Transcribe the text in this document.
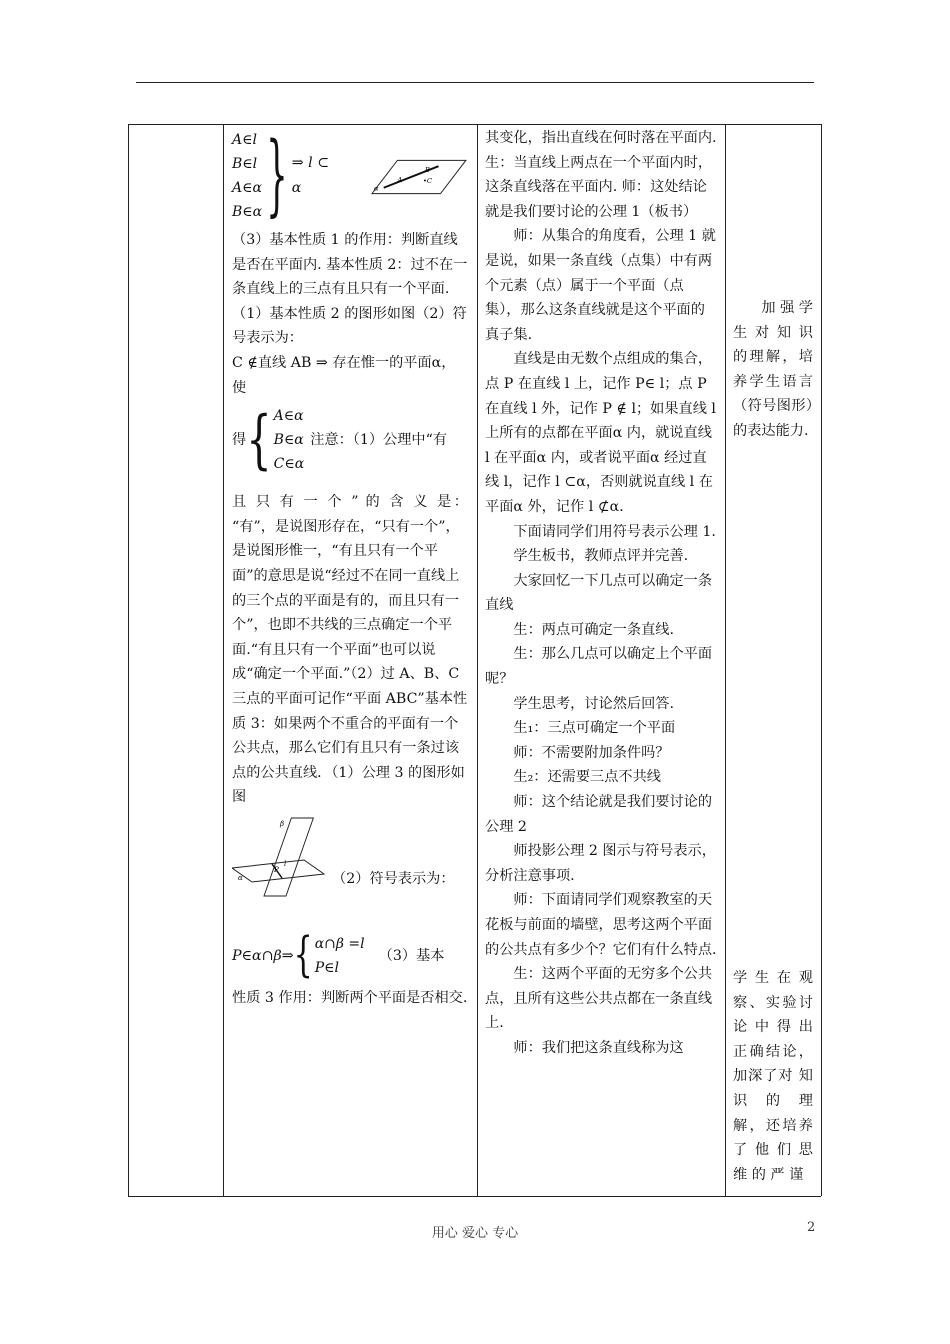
A∈l
B∈l
A∈α
B∈α } ⇒ l ⊂ α	α
A
B
•C

（3）基本性质 1 的作用：判断直线是否在平面内. 基本性质 2：过不在一条直线上的三点有且只有一个平面.（1）基本性质 2 的图形如图（2）符号表示为：

C ∉直线 AB ⇒ 存在惟一的平面α，使

得 { A∈α
B∈α
C∈α
注意：（1）公理中“有

且 只 有 一 个 ” 的 含 义 是：

“有”，是说图形存在，“只有一个”，是说图形惟一，“有且只有一个平面”的意思是说“经过不在同一直线上的三个点的平面是有的，而且只有一个”，也即不共线的三点确定一个平面.“有且只有一个平面”也可以说成“确定一个平面.”（2）过 A、B、C 三点的平面可记作“平面 ABC”基本性质 3：如果两个不重合的平面有一个公共点，那么它们有且只有一条过该点的公共直线．（1）公理 3 的图形如图

β
α
P
l
（2）符号表示为：
P∈α∩β⇒ { α∩β =l
P∈l
（3）基本

性质 3 作用：判断两个平面是否相交.

其变化，指出直线在何时落在平面内. 生：当直线上两点在一个平面内时，这条直线落在平面内. 师：这处结论就是我们要讨论的公理 1（板书）

师：从集合的角度看，公理 1 就是说，如果一条直线（点集）中有两个元素（点）属于一个平面（点集），那么这条直线就是这个平面的真子集.

直线是由无数个点组成的集合，点 P 在直线 l 上，记作 P∈ l；点 P 在直线 l 外，记作 P ∉ l；如果直线 l 上所有的点都在平面α 内，就说直线 l 在平面α 内，或者说平面α 经过直线 l，记作 l ⊂α，否则就说直线 l 在平面α 外，记作 l ⊄α．

下面请同学们用符号表示公理 1.

学生板书，教师点评并完善.

大家回忆一下几点可以确定一条直线

生：两点可确定一条直线.

生：那么几点可以确定上个平面呢？

学生思考，讨论然后回答.

生₁：三点可确定一个平面

师：不需要附加条件吗？

生₂：还需要三点不共线

师：这个结论就是我们要讨论的公理 2

师投影公理 2 图示与符号表示，分析注意事项.

师：下面请同学们观察教室的天花板与前面的墙壁，思考这两个平面的公共点有多少个？它们有什么特点.

生：这两个平面的无穷多个公共点，且所有这些公共点都在一条直线上.

师：我们把这条直线称为这

加 强 学 生 对 知 识的理解，培养学生语言（符号图形）的表达能力.

学 生 在 观 察、实验讨 论 中 得 出 正确结论，加深了对 知 识 的 理 解，还培养了 他 们 思 维 的 严 谨

用心 爱心 专心	2
